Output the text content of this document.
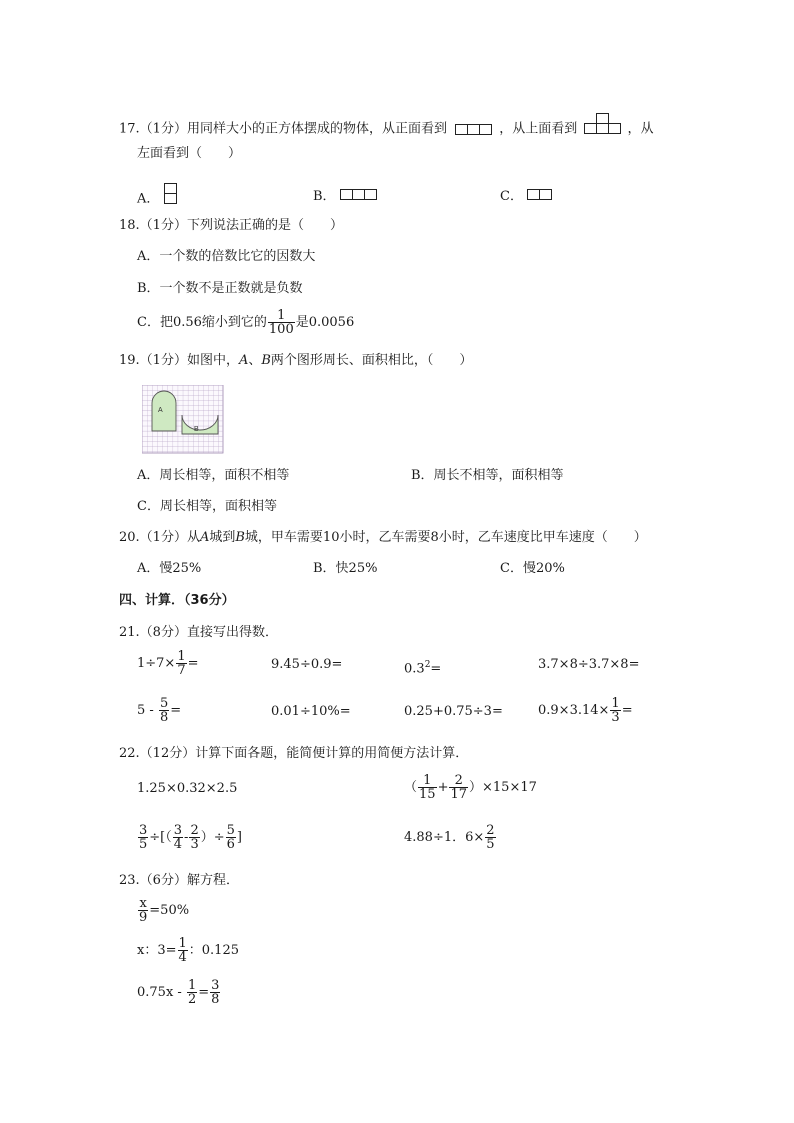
17.（1分）用同样大小的正方体摆成的物体，从正面看到	，从上面看到	，从
左面看到（　　）
A．	B．	C．
18.（1分）下列说法正确的是（　　）
A．一个数的倍数比它的因数大
B．一个数不是正数就是负数
C．把0.56缩小到它的 $\frac{1}{100}$ 是0.0056
19.（1分）如图中，A、B两个图形周长、面积相比，（　　）
A
B
A．周长相等，面积不相等	B．周长不相等，面积相等
C．周长相等，面积相等
20.（1分）从A城到B城，甲车需要10小时，乙车需要8小时，乙车速度比甲车速度（　　）
A．慢25%	B．快25%	C．慢20%
四、计算．（36分）
21.（8分）直接写出得数．
$1\div 7\times \frac{1}{7}$ =	9.45÷0.9=	$0.3^2=$	3.7×8÷3.7×8=
$5 - \frac{5}{8}$ =	0.01÷10%=	0.25+0.75÷3=	$0.9\times 3.14\times \frac{1}{3}$ =
22.（12分）计算下面各题，能简便计算的用简便方法计算．
1.25×0.32×2.5	（ $\frac{1}{15} + \frac{2}{17} )\times 15\times 17$
$\frac{3}{5}$ ÷[（ $\frac{3}{4} - \frac{2}{3}$ ）÷ $\frac{5}{6}$ ]	4.88÷1．$6\times \frac{2}{5}$
23.（6分）解方程．
$\frac{x}{9} =50\%$
x：$3= \frac{1}{4}$ ：0.125
$0.75x - \frac{1}{2} = \frac{3}{8}$
